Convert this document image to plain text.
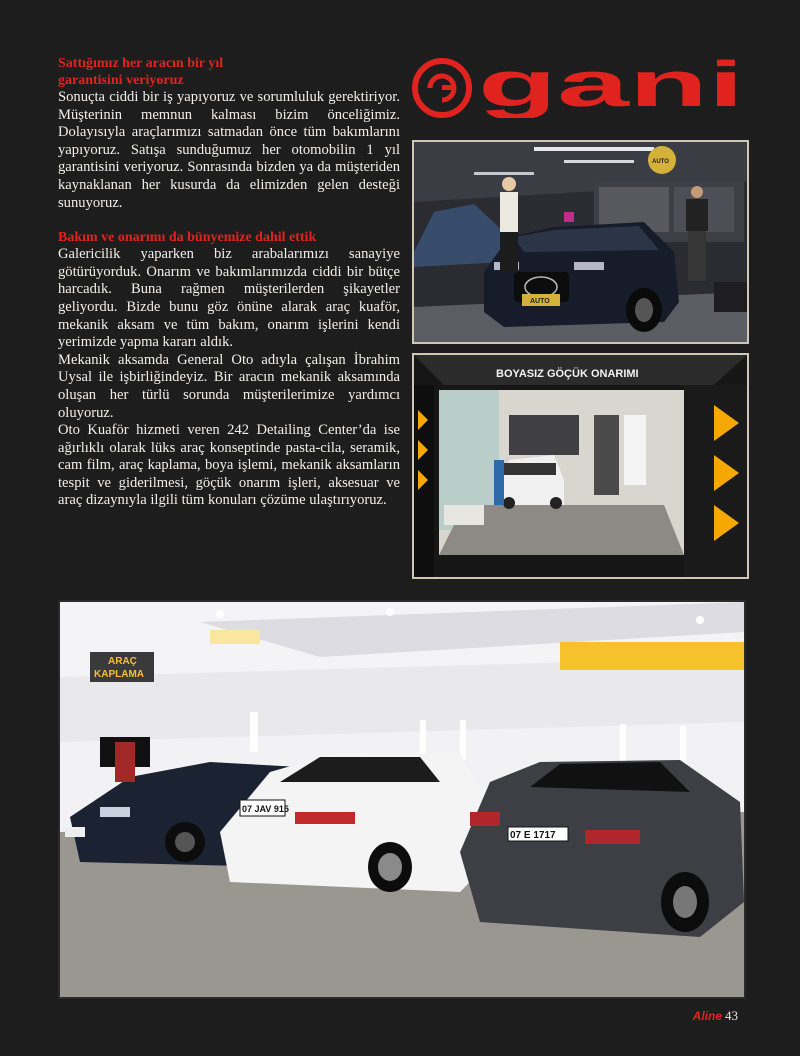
Sattığımız her aracın bir yıl
garantisini veriyoruz
Sonuçta ciddi bir iş yapıyoruz ve sorumluluk gerektiriyor. Müşterinin memnun kalması bizim önceliğimiz. Dolayısıyla araçlarımızı satmadan önce tüm bakımlarını yapıyoruz. Satışa sunduğumuz her otomobilin 1 yıl garantisini veriyoruz. Sonrasında bizden ya da müşteriden kaynaklanan her kusurda da elimizden gelen desteği sunuyoruz.
Bakım ve onarımı da bünyemize dahil ettik
Galericilik yaparken biz arabalarımızı sanayiye götürüyorduk. Onarım ve bakımlarımızda ciddi bir bütçe harcadık. Buna rağmen müşterilerden şikayetler geliyordu. Bizde bunu göz önüne alarak araç kuaför, mekanik aksam ve tüm bakım, onarım işlerini kendi yerimizde yapma kararı aldık.
Mekanik aksamda General Oto adıyla çalışan İbrahim Uysal ile işbirliğindeyiz. Bir aracın mekanik aksamında oluşan her türlü sorunda müşterilerimize yardımcı oluyoruz.
Oto Kuaför hizmeti veren 242 Detailing Center’da ise ağırlıklı olarak lüks araç konseptinde pasta-cila, seramik, cam film, araç kaplama, boya işlemi, mekanik aksamların tespit ve giderilmesi, göçük onarım işleri, aksesuar ve araç dizaynıyla ilgili tüm konuları çözüme ulaştırıyoruz.
gani
AUTO
AUTO
BOYASIZ GÖÇÜK ONARIMI
ARAÇ
KAPLAMA
07 JAV 915
07 E 1717
Aline 43
